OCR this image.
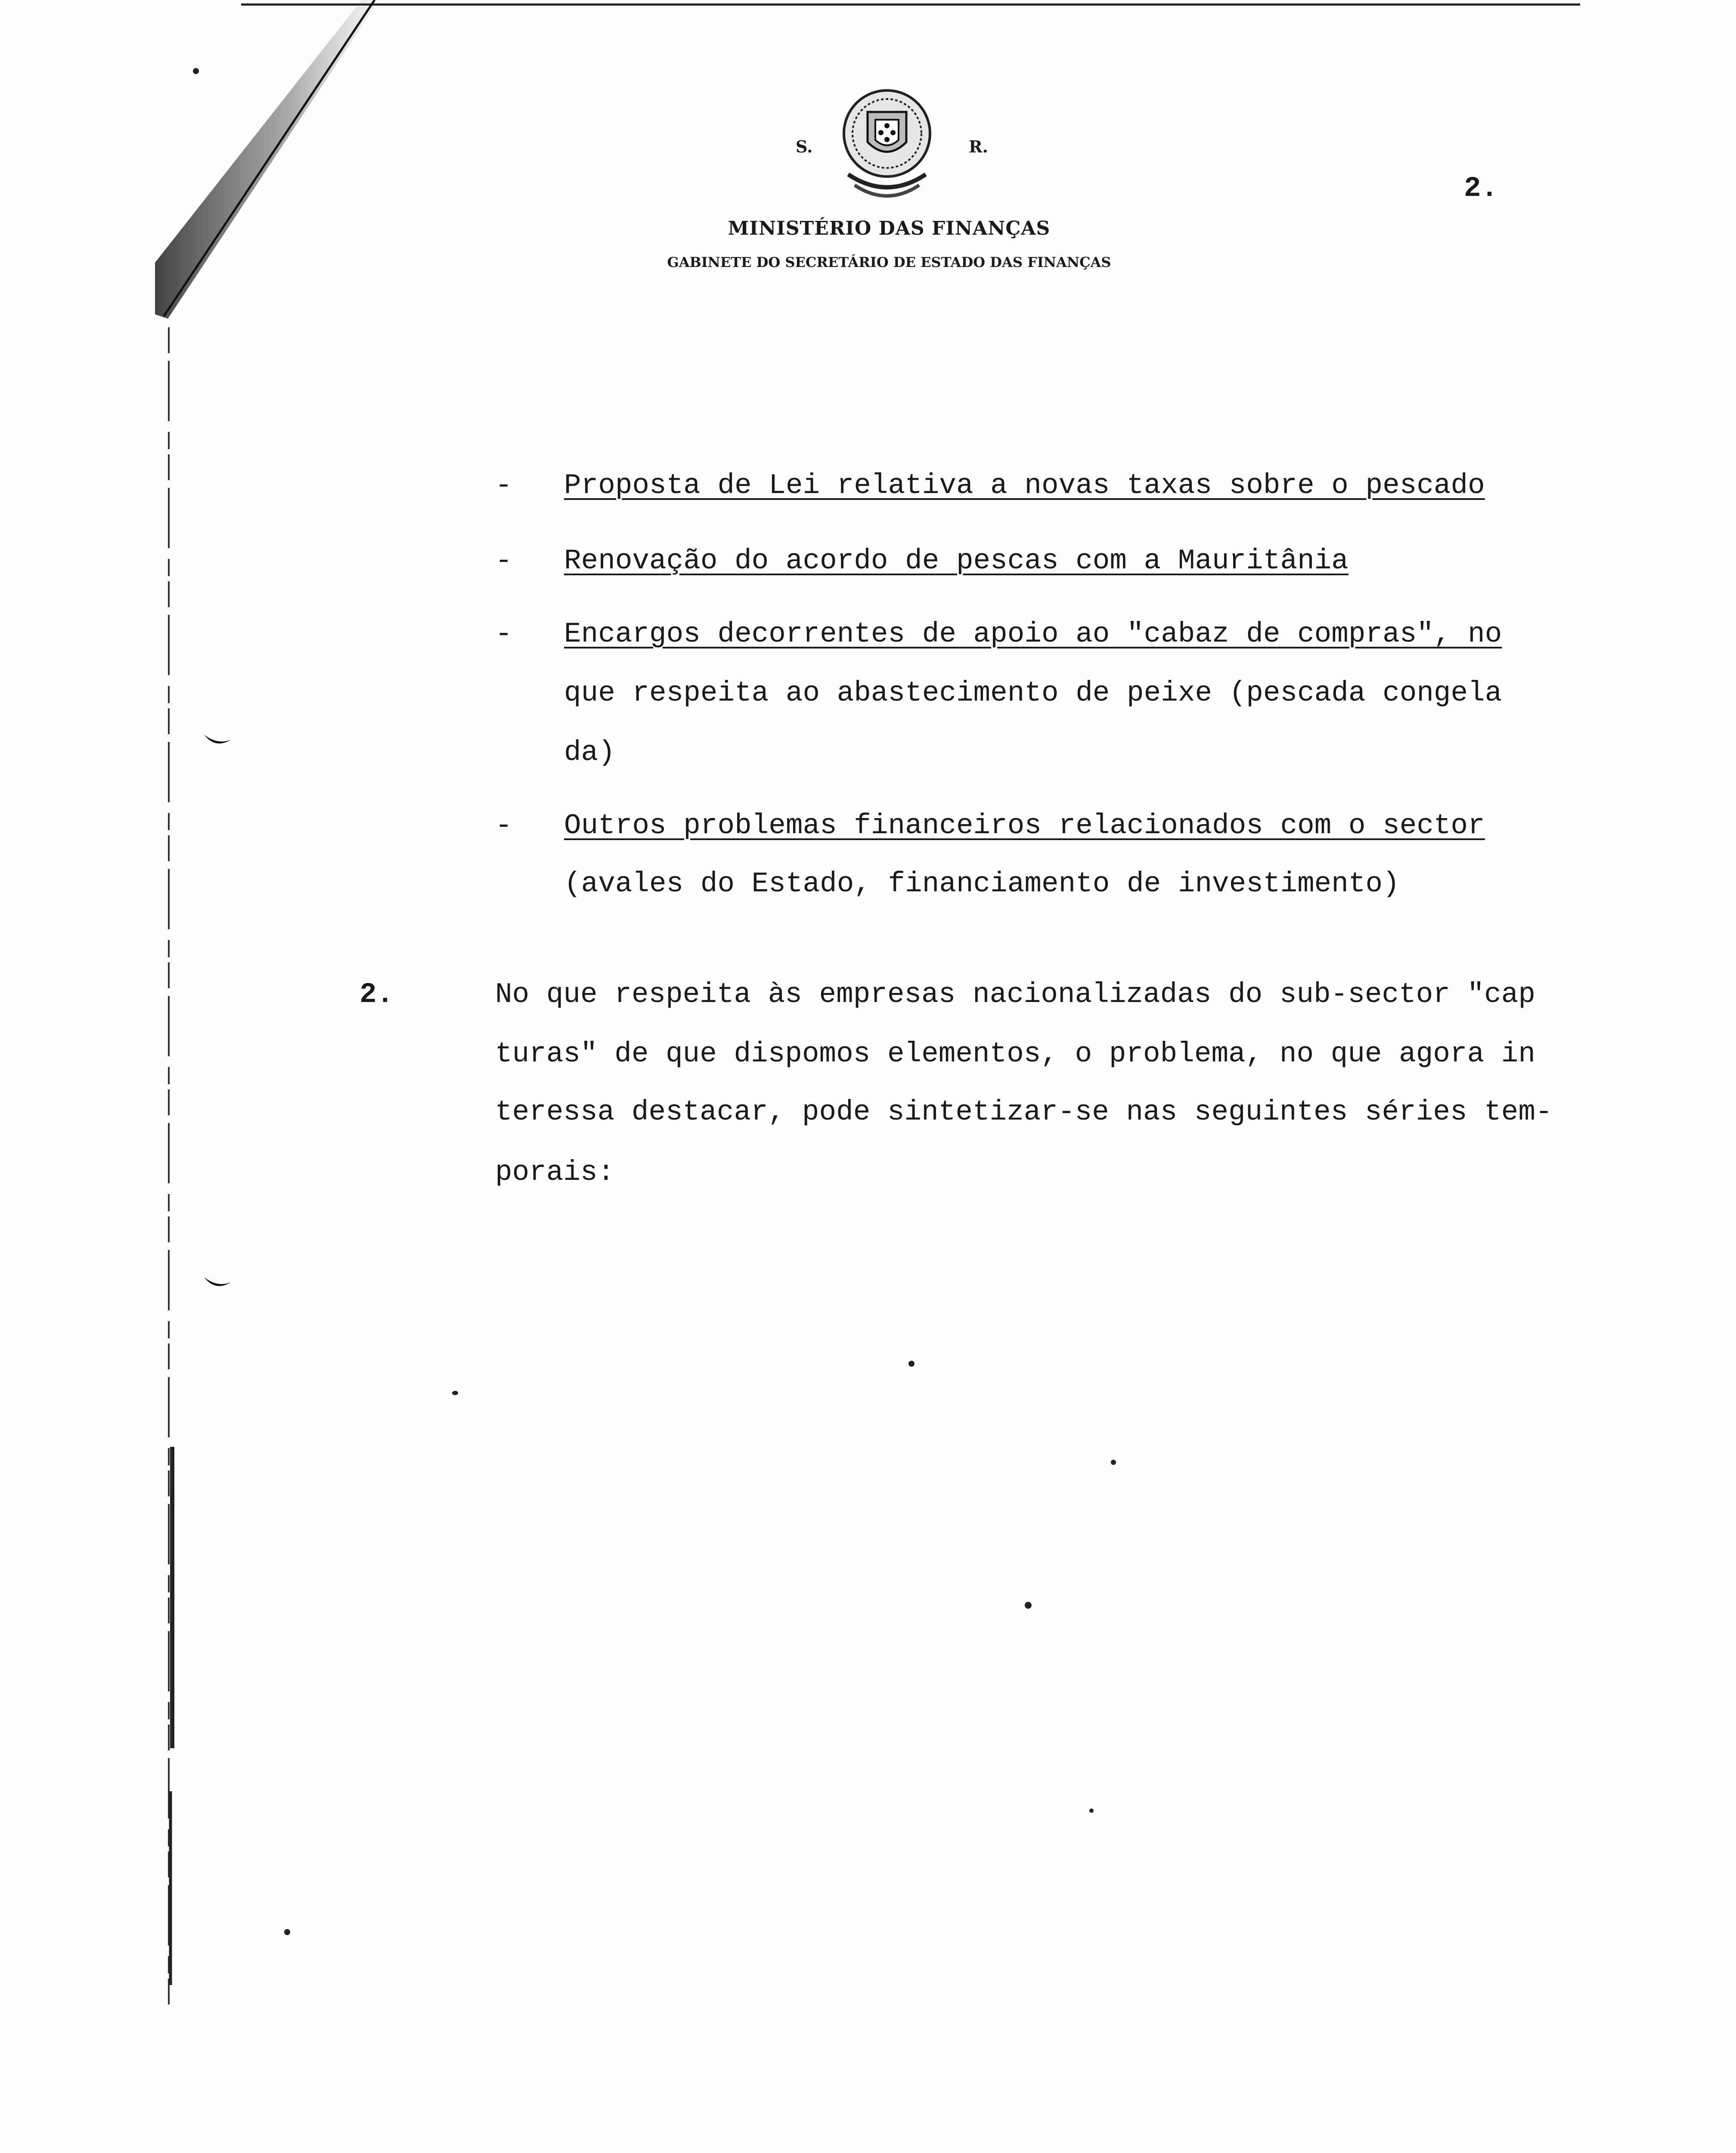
S.	R.
MINISTÉRIO DAS FINANÇAS
GABINETE DO SECRETÁRIO DE ESTADO DAS FINANÇAS
2.
- Proposta de Lei relativa a novas taxas sobre o pescado
- Renovação do acordo de pescas com a Mauritânia
- Encargos decorrentes de apoio ao "cabaz de compras", no
que respeita ao abastecimento de peixe (pescada congela
da)
- Outros problemas financeiros relacionados com o sector
(avales do Estado, financiamento de investimento)
2.	No que respeita às empresas nacionalizadas do sub-sector "cap
turas" de que dispomos elementos, o problema, no que agora in
teressa destacar, pode sintetizar-se nas seguintes séries tem-
porais:
